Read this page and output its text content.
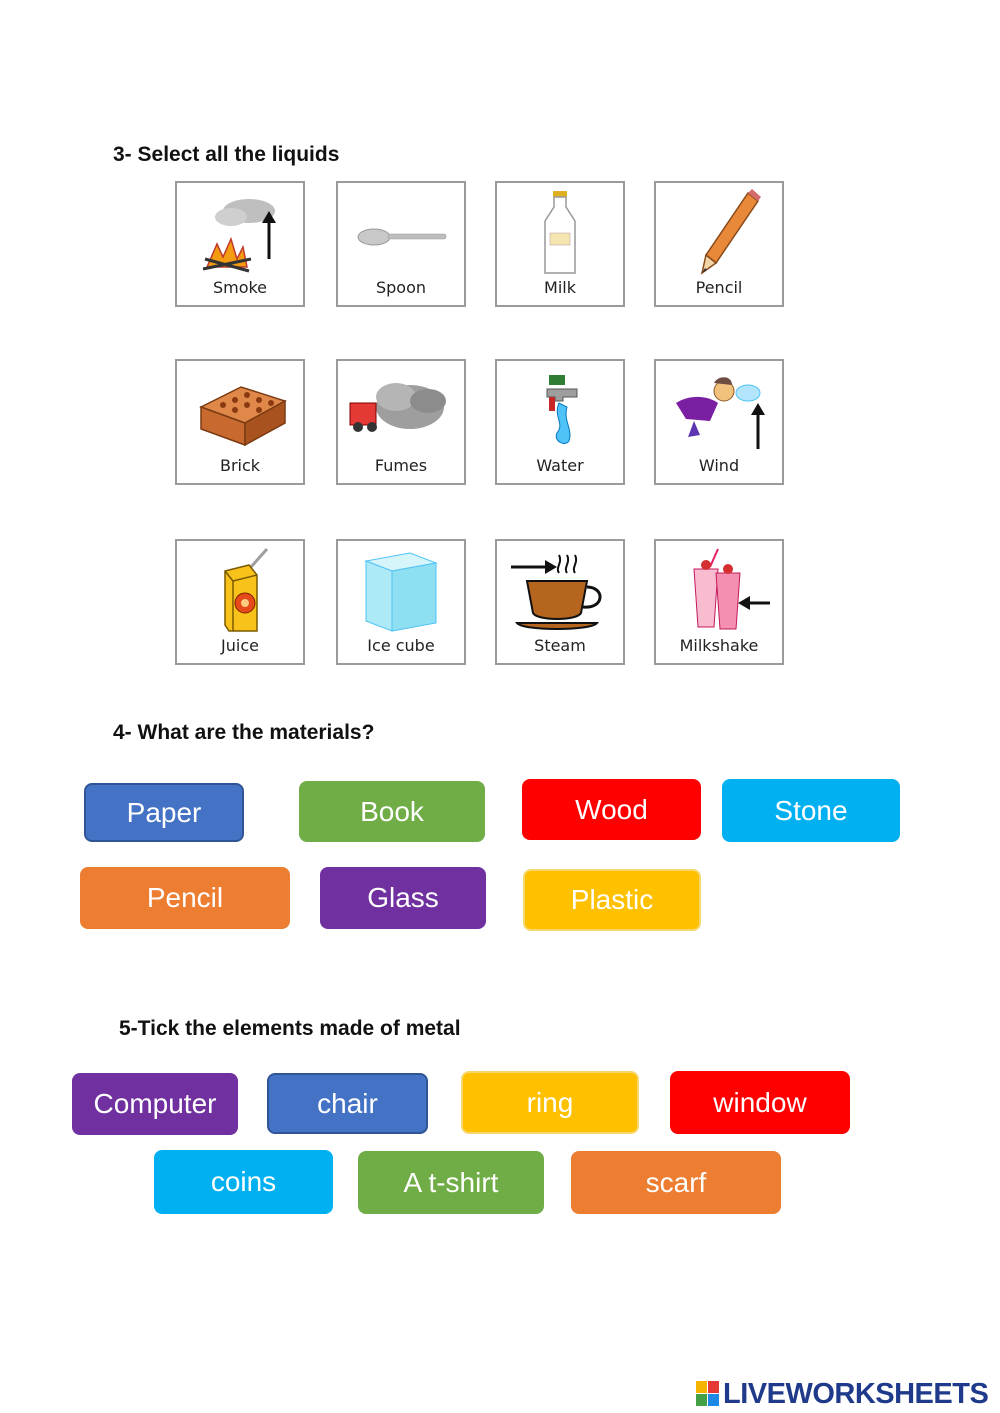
3- Select all the liquids
Smoke	Spoon	Milk	Pencil
Brick	Fumes	Water	Wind
Juice	Ice cube	Steam	Milkshake
4- What are the materials?
Paper	Book	Wood	Stone
Pencil	Glass	Plastic
5-Tick the elements made of metal
Computer	chair	ring	window
coins	A t-shirt	scarf
LIVEWORKSHEETS
